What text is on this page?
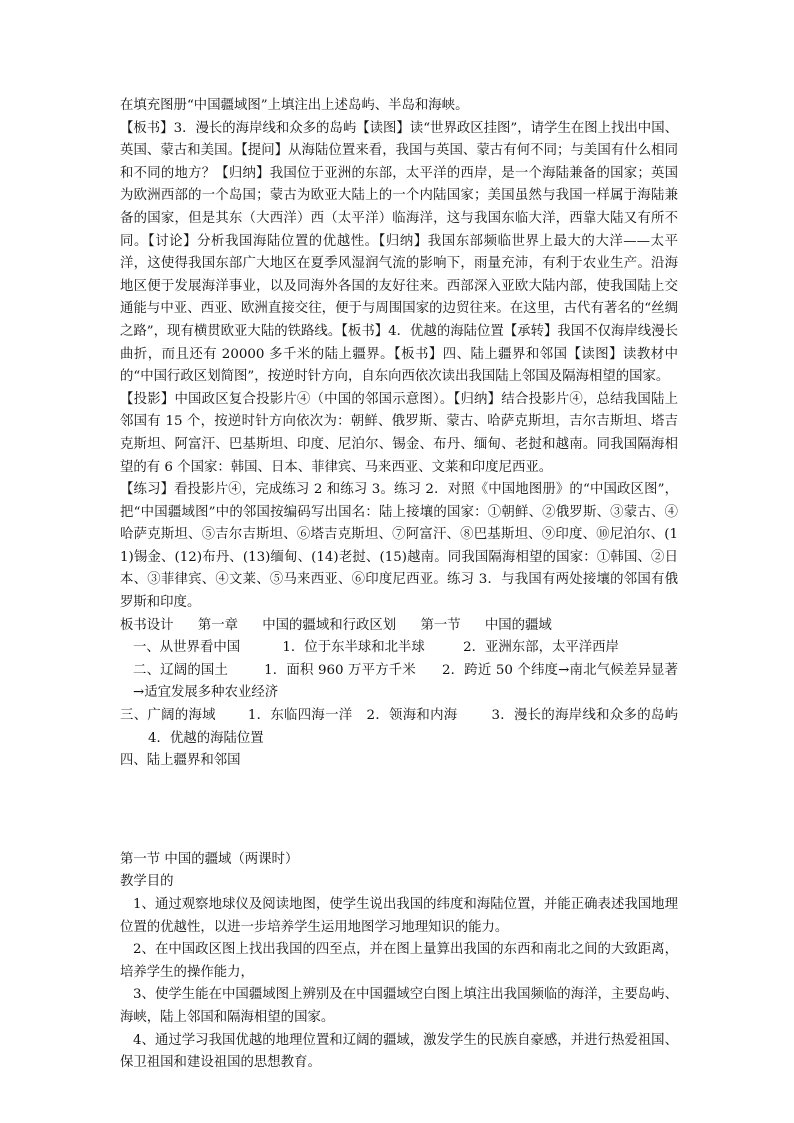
在填充图册“中国疆域图”上填注出上述岛屿、半岛和海峡。

【板书】3．漫长的海岸线和众多的岛屿【读图】读“世界政区挂图”，请学生在图上找出中国、英国、蒙古和美国。【提问】从海陆位置来看，我国与英国、蒙古有何不同；与美国有什么相同和不同的地方？【归纳】我国位于亚洲的东部，太平洋的西岸，是一个海陆兼备的国家；英国为欧洲西部的一个岛国；蒙古为欧亚大陆上的一个内陆国家；美国虽然与我国一样属于海陆兼备的国家，但是其东（大西洋）西（太平洋）临海洋，这与我国东临大洋，西靠大陆又有所不同。【讨论】分析我国海陆位置的优越性。【归纳】我国东部频临世界上最大的大洋——太平洋，这使得我国东部广大地区在夏季风湿润气流的影响下，雨量充沛，有利于农业生产。沿海地区便于发展海洋事业，以及同海外各国的友好往来。西部深入亚欧大陆内部，使我国陆上交通能与中亚、西亚、欧洲直接交往，便于与周围国家的边贸往来。在这里，古代有著名的“丝绸之路”，现有横贯欧亚大陆的铁路线。【板书】4．优越的海陆位置【承转】我国不仅海岸线漫长曲折，而且还有 20000 多千米的陆上疆界。【板书】四、陆上疆界和邻国【读图】读教材中的“中国行政区划简图”，按逆时针方向，自东向西依次读出我国陆上邻国及隔海相望的国家。

【投影】中国政区复合投影片④（中国的邻国示意图）。【归纳】结合投影片④，总结我国陆上邻国有 15 个，按逆时针方向依次为：朝鲜、俄罗斯、蒙古、哈萨克斯坦，吉尔吉斯坦、塔吉克斯坦、阿富汗、巴基斯坦、印度、尼泊尔、锡金、布丹、缅甸、老挝和越南。同我国隔海相望的有 6 个国家：韩国、日本、菲律宾、马来西亚、文莱和印度尼西亚。

【练习】看投影片④，完成练习 2 和练习 3。练习 2．对照《中国地图册》的“中国政区图”，把“中国疆域图”中的邻国按编码写出国名：陆上接壤的国家：①朝鲜、②俄罗斯、③蒙古、④哈萨克斯坦、⑤吉尔吉斯坦、⑥塔吉克斯坦、⑦阿富汗、⑧巴基斯坦、⑨印度、⑩尼泊尔、(11)锡金、(12)布丹、(13)缅甸、(14)老挝、(15)越南。同我国隔海相望的国家：①韩国、②日本、③菲律宾、④文莱、⑤马来西亚、⑥印度尼西亚。练习 3．与我国有两处接壤的邻国有俄罗斯和印度。

板书设计 第一章 中国的疆域和行政区划 第一节 中国的疆域

一、从世界看中国	1．位于东半球和北半球	2．亚洲东部，太平洋西岸

二、辽阔的国土	1．面积 960 万平方千米 2．跨近 50 个纬度→南北气候差异显著→适宜发展多种农业经济

三、广阔的海域 1．东临四海一洋 2．领海和内海	3．漫长的海岸线和众多的岛屿4．优越的海陆位置

四、陆上疆界和邻国

第一节 中国的疆域（两课时）

教学目的

1、通过观察地球仪及阅读地图，使学生说出我国的纬度和海陆位置，并能正确表述我国地理位置的优越性，以进一步培养学生运用地图学习地理知识的能力。

2、在中国政区图上找出我国的四至点，并在图上量算出我国的东西和南北之间的大致距离，培养学生的操作能力，

3、使学生能在中国疆域图上辨别及在中国疆域空白图上填注出我国频临的海洋，主要岛屿、海峡，陆上邻国和隔海相望的国家。

4、通过学习我国优越的地理位置和辽阔的疆域，激发学生的民族自豪感，并进行热爱祖国、保卫祖国和建设祖国的思想教育。
